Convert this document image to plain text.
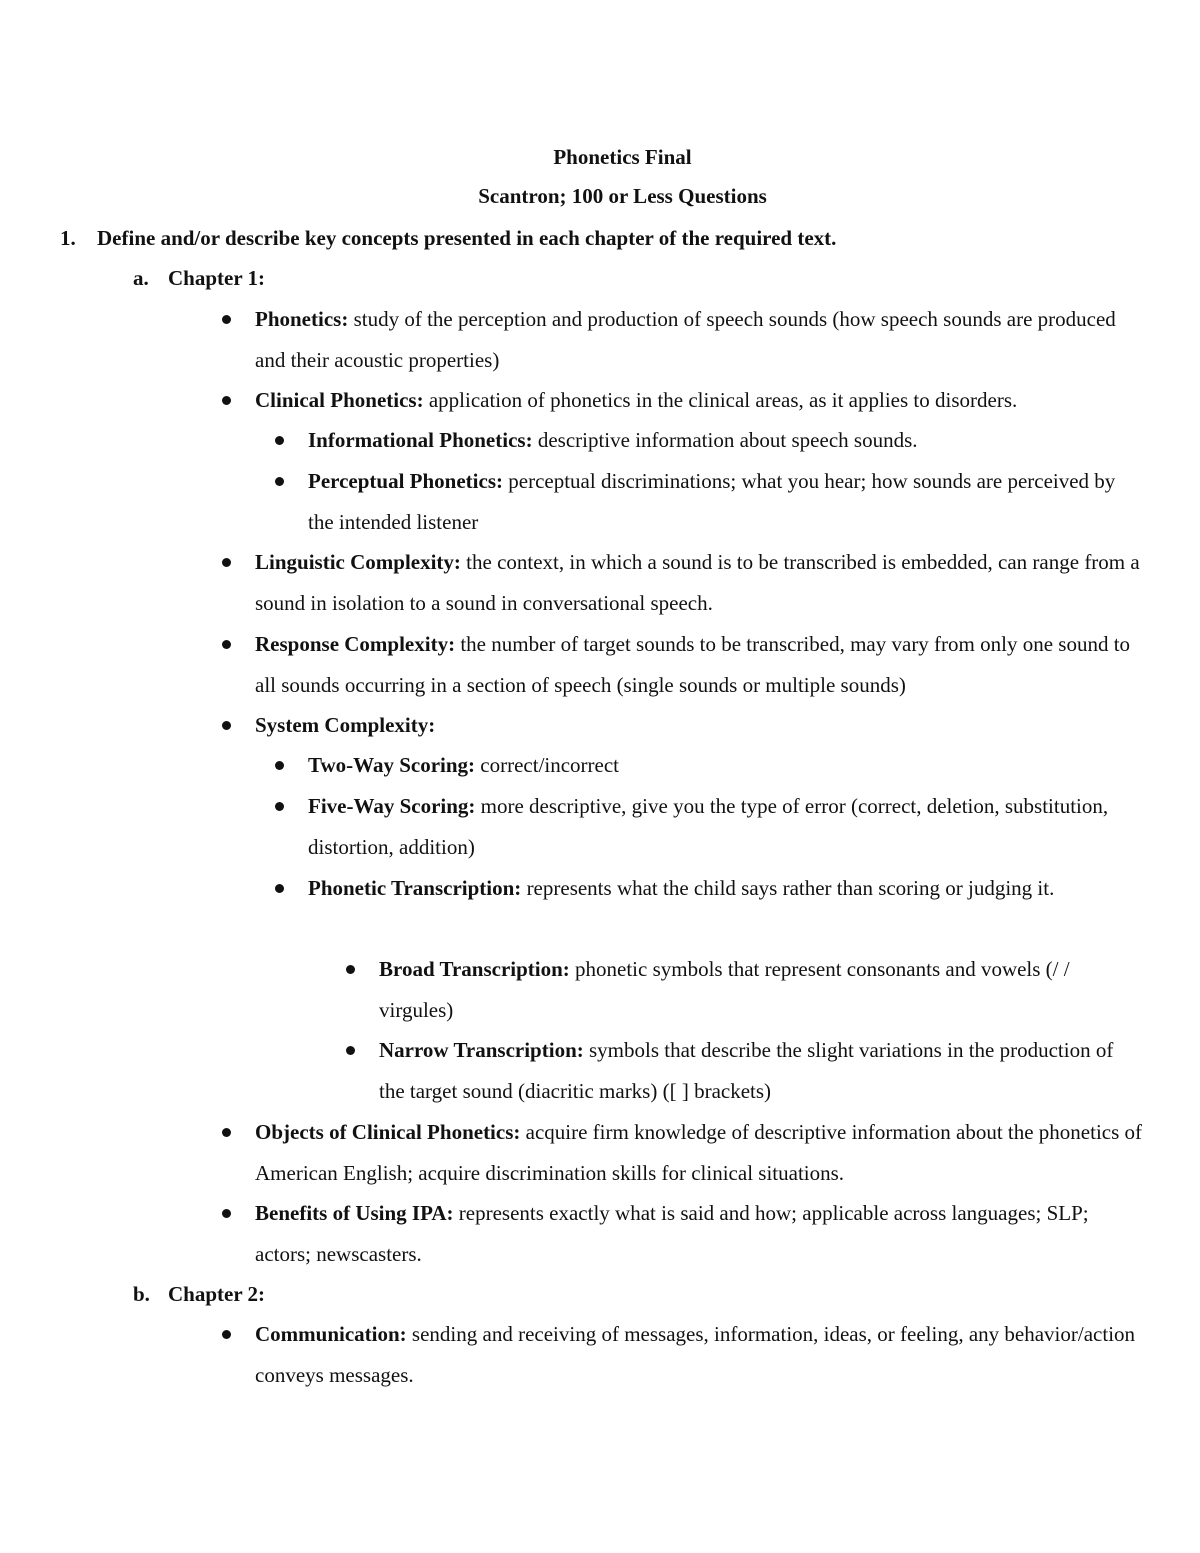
Phonetics Final
Scantron; 100 or Less Questions
1. Define and/or describe key concepts presented in each chapter of the required text.
a. Chapter 1:
Phonetics: study of the perception and production of speech sounds (how speech sounds are produced and their acoustic properties)
Clinical Phonetics: application of phonetics in the clinical areas, as it applies to disorders.
Informational Phonetics: descriptive information about speech sounds.
Perceptual Phonetics: perceptual discriminations; what you hear; how sounds are perceived by the intended listener
Linguistic Complexity: the context, in which a sound is to be transcribed is embedded, can range from a sound in isolation to a sound in conversational speech.
Response Complexity: the number of target sounds to be transcribed, may vary from only one sound to all sounds occurring in a section of speech (single sounds or multiple sounds)
System Complexity:
Two-Way Scoring: correct/incorrect
Five-Way Scoring: more descriptive, give you the type of error (correct, deletion, substitution, distortion, addition)
Phonetic Transcription: represents what the child says rather than scoring or judging it.
Broad Transcription: phonetic symbols that represent consonants and vowels (/ / virgules)
Narrow Transcription: symbols that describe the slight variations in the production of the target sound (diacritic marks) ([ ] brackets)
Objects of Clinical Phonetics: acquire firm knowledge of descriptive information about the phonetics of American English; acquire discrimination skills for clinical situations.
Benefits of Using IPA: represents exactly what is said and how; applicable across languages; SLP; actors; newscasters.
b. Chapter 2:
Communication: sending and receiving of messages, information, ideas, or feeling, any behavior/action conveys messages.
